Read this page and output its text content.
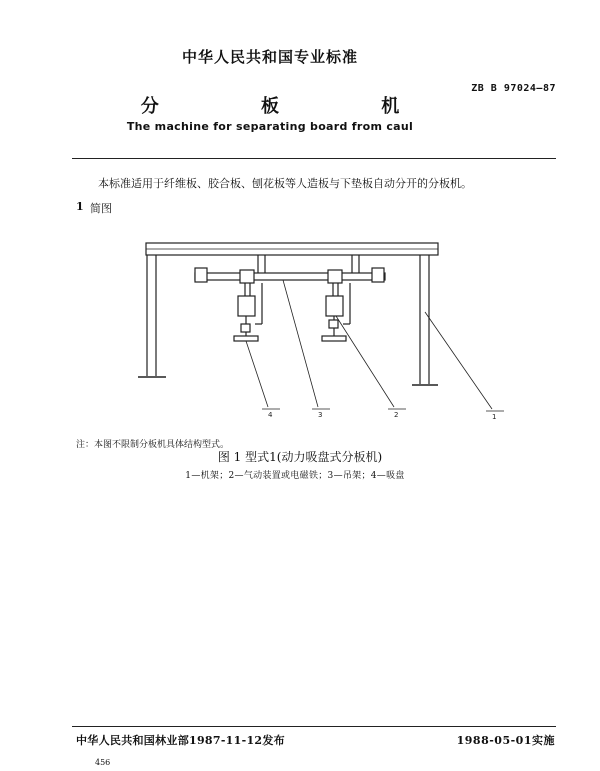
中华人民共和国专业标准
ZB B 97024—87
分 板 机
The machine for separating board from caul
本标准适用于纤维板、胶合板、刨花板等人造板与下垫板自动分开的分板机。
1 简图
4	3	2	1
注：本图不限制分板机具体结构型式。
图 1 型式1(动力吸盘式分板机)
1—机架；2—气动装置或电磁铁；3—吊架；4—吸盘
中华人民共和国林业部1987-11-12发布	1988-05-01实施
456
